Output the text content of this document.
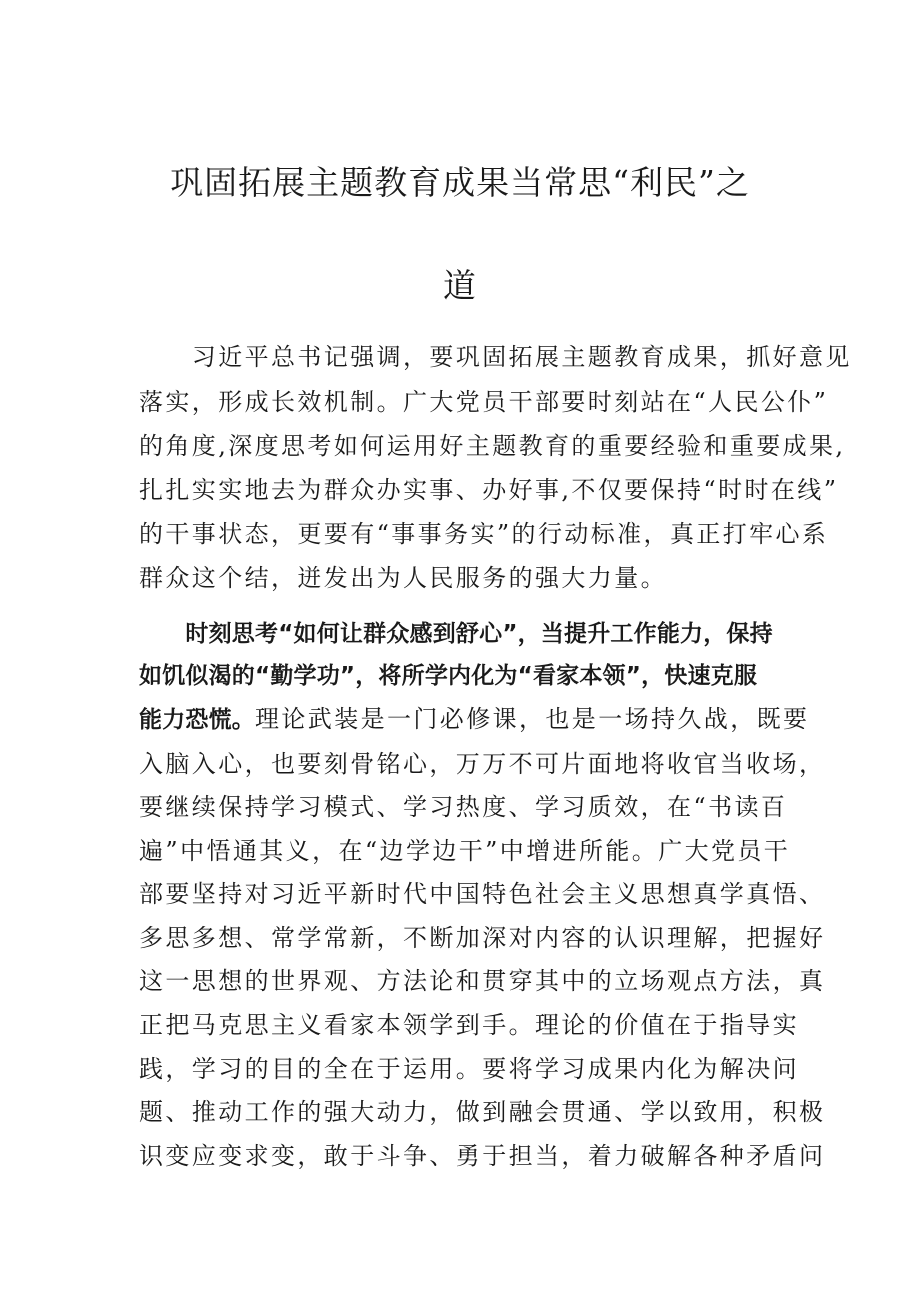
巩固拓展主题教育成果当常思“利民”之
道
　　习近平总书记强调，要巩固拓展主题教育成果，抓好意见
落实，形成长效机制。广大党员干部要时刻站在“人民公仆”
的角度,深度思考如何运用好主题教育的重要经验和重要成果,
扎扎实实地去为群众办实事、办好事,不仅要保持“时时在线”
的干事状态，更要有“事事务实”的行动标准，真正打牢心系
群众这个结，迸发出为人民服务的强大力量。
　　时刻思考“如何让群众感到舒心”，当提升工作能力，保持
如饥似渴的“勤学功”，将所学内化为“看家本领”，快速克服
能力恐慌。理论武装是一门必修课，也是一场持久战，既要
入脑入心，也要刻骨铭心，万万不可片面地将收官当收场，
要继续保持学习模式、学习热度、学习质效，在“书读百
遍”中悟通其义，在“边学边干”中增进所能。广大党员干
部要坚持对习近平新时代中国特色社会主义思想真学真悟、
多思多想、常学常新，不断加深对内容的认识理解，把握好
这一思想的世界观、方法论和贯穿其中的立场观点方法，真
正把马克思主义看家本领学到手。理论的价值在于指导实
践，学习的目的全在于运用。要将学习成果内化为解决问
题、推动工作的强大动力，做到融会贯通、学以致用，积极
识变应变求变，敢于斗争、勇于担当，着力破解各种矛盾问
